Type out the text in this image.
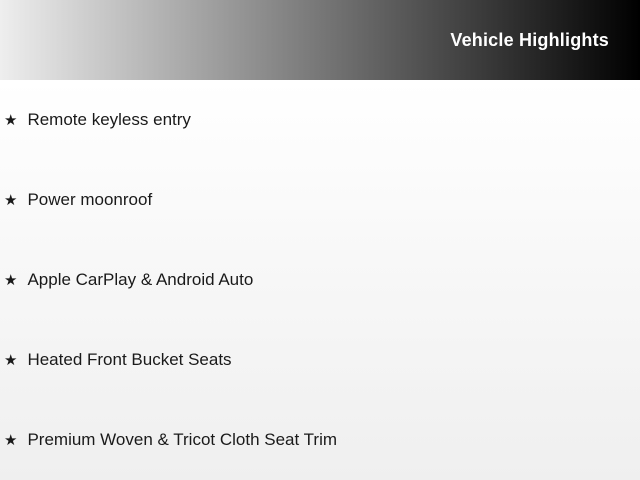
Vehicle Highlights
★ Remote keyless entry
★ Power moonroof
★ Apple CarPlay & Android Auto
★ Heated Front Bucket Seats
★ Premium Woven & Tricot Cloth Seat Trim
